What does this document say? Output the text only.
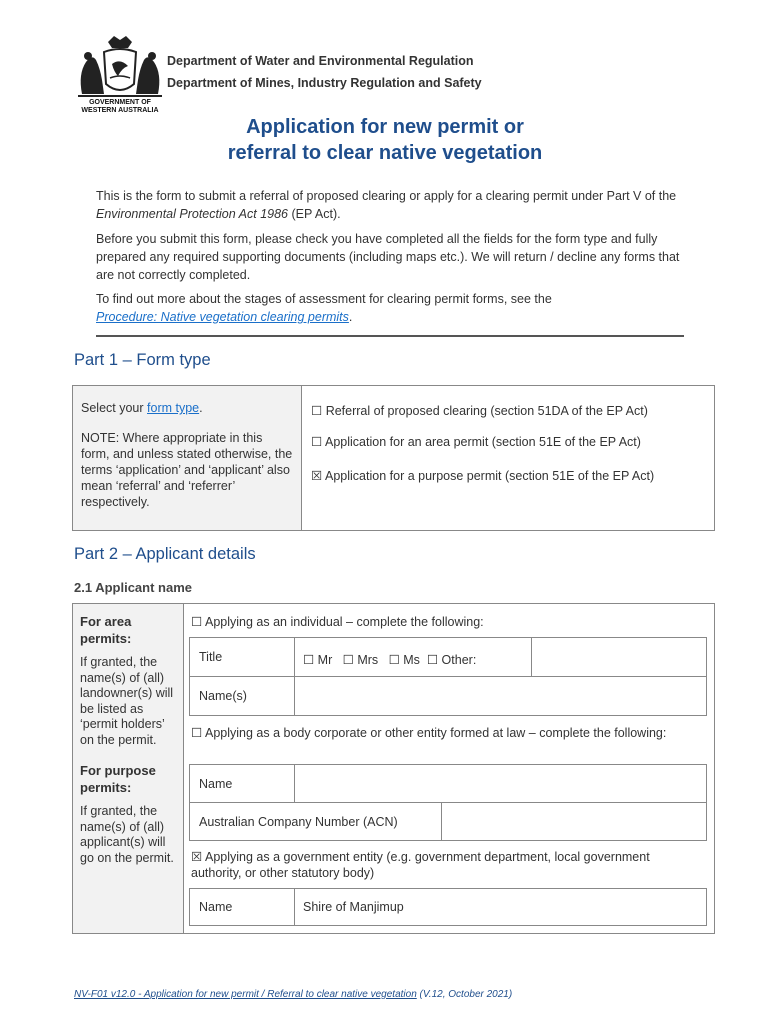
GOVERNMENT OF
WESTERN AUSTRALIA
Department of Water and Environmental Regulation
Department of Mines, Industry Regulation and Safety
Application for new permit or
referral to clear native vegetation
This is the form to submit a referral of proposed clearing or apply for a clearing permit under Part V of the Environmental Protection Act 1986 (EP Act).
Before you submit this form, please check you have completed all the fields for the form type and fully prepared any required supporting documents (including maps etc.). We will return / decline any forms that are not correctly completed.
To find out more about the stages of assessment for clearing permit forms, see the
Procedure: Native vegetation clearing permits.
Part 1 – Form type
Select your form type.
NOTE: Where appropriate in this form, and unless stated otherwise, the terms ‘application’ and ‘applicant’ also mean ‘referral’ and ‘referrer’ respectively.
☐ Referral of proposed clearing (section 51DA of the EP Act)
☐ Application for an area permit (section 51E of the EP Act)
☒ Application for a purpose permit (section 51E of the EP Act)
Part 2 – Applicant details
2.1 Applicant name
For area permits:
If granted, the name(s) of (all) landowner(s) will be listed as ‘permit holders’ on the permit.
For purpose permits:
If granted, the name(s) of (all) applicant(s) will go on the permit.
☐ Applying as an individual – complete the following:
Title	☐ Mr   ☐ Mrs   ☐ Ms  ☐ Other:
Name(s)
☐ Applying as a body corporate or other entity formed at law – complete the following:
Name
Australian Company Number (ACN)
☒ Applying as a government entity (e.g. government department, local government authority, or other statutory body)
Name	Shire of Manjimup
NV-F01 v12.0 - Application for new permit / Referral to clear native vegetation (V.12, October 2021)
